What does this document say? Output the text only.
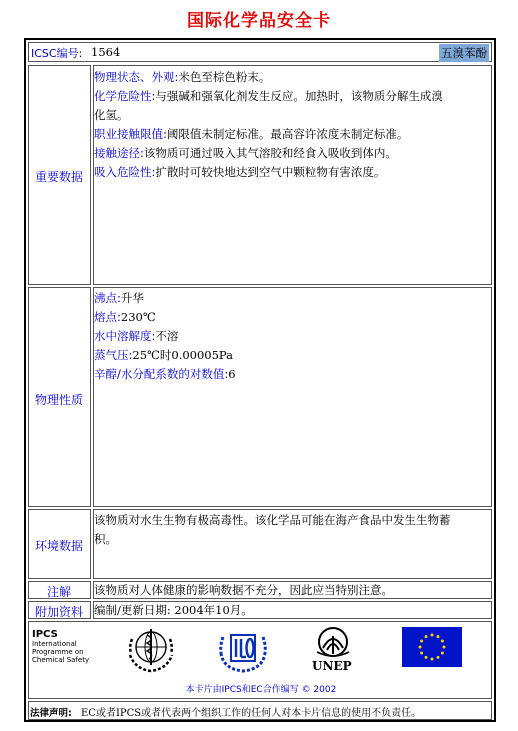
国际化学品安全卡
ICSC编号: 1564	五溴苯酚
重要数据
物理状态、外观:米色至棕色粉末。
化学危险性:与强碱和强氧化剂发生反应。加热时，该物质分解生成溴
化氢。
职业接触限值:阈限值未制定标准。最高容许浓度未制定标准。
接触途径:该物质可通过吸入其气溶胶和经食入吸收到体内。
吸入危险性:扩散时可较快地达到空气中颗粒物有害浓度。
物理性质
沸点:升华
熔点:230℃
水中溶解度:不溶
蒸气压:25℃时0.00005Pa
辛醇/水分配系数的对数值:6
环境数据
该物质对水生生物有极高毒性。该化学品可能在海产食品中发生生物蓄
积。
注解 该物质对人体健康的影响数据不充分，因此应当特别注意。
附加资料 编制/更新日期: 2004年10月。
IPCS
International
Programme on
Chemical Safety	UNEP
本卡片由IPCS和EC合作编写 © 2002
法律声明: EC或者IPCS或者代表两个组织工作的任何人对本卡片信息的使用不负责任。
